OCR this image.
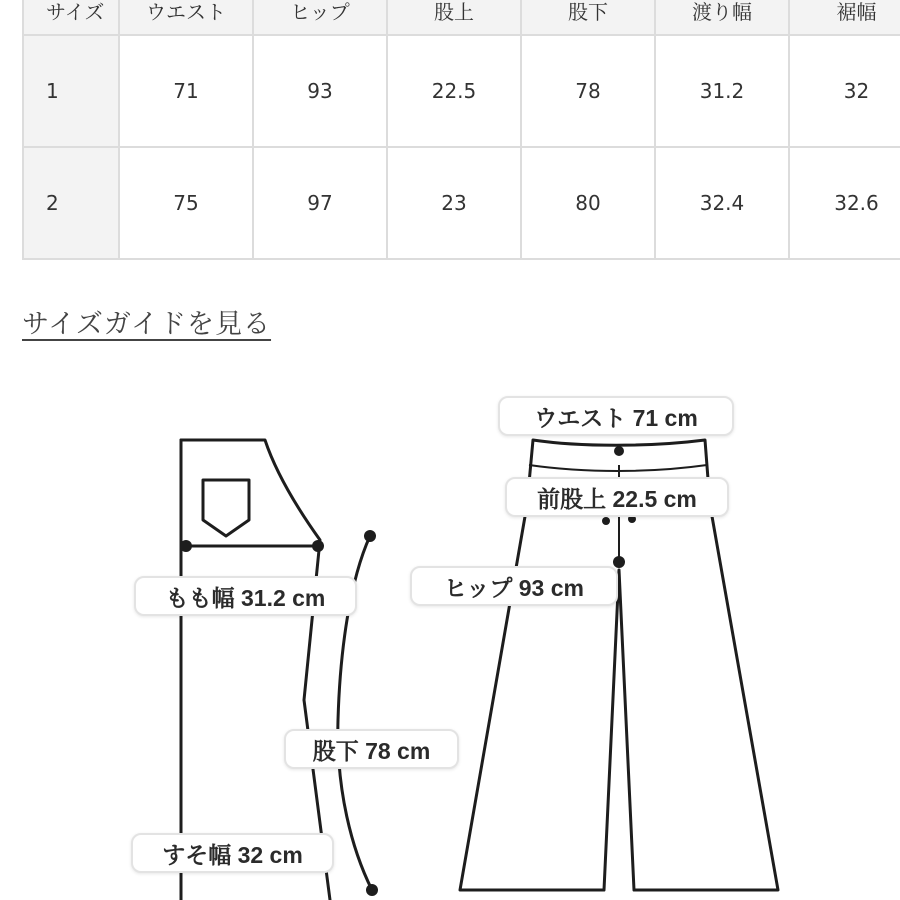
サイズ	ウエスト	ヒップ	股上	股下	渡り幅	裾幅
1	71	93	22.5	78	31.2	32
2	75	97	23	80	32.4	32.6
サイズガイドを見る
ウエスト 71 cm
前股上 22.5 cm
ヒップ 93 cm
もも幅 31.2 cm
股下 78 cm
すそ幅 32 cm
